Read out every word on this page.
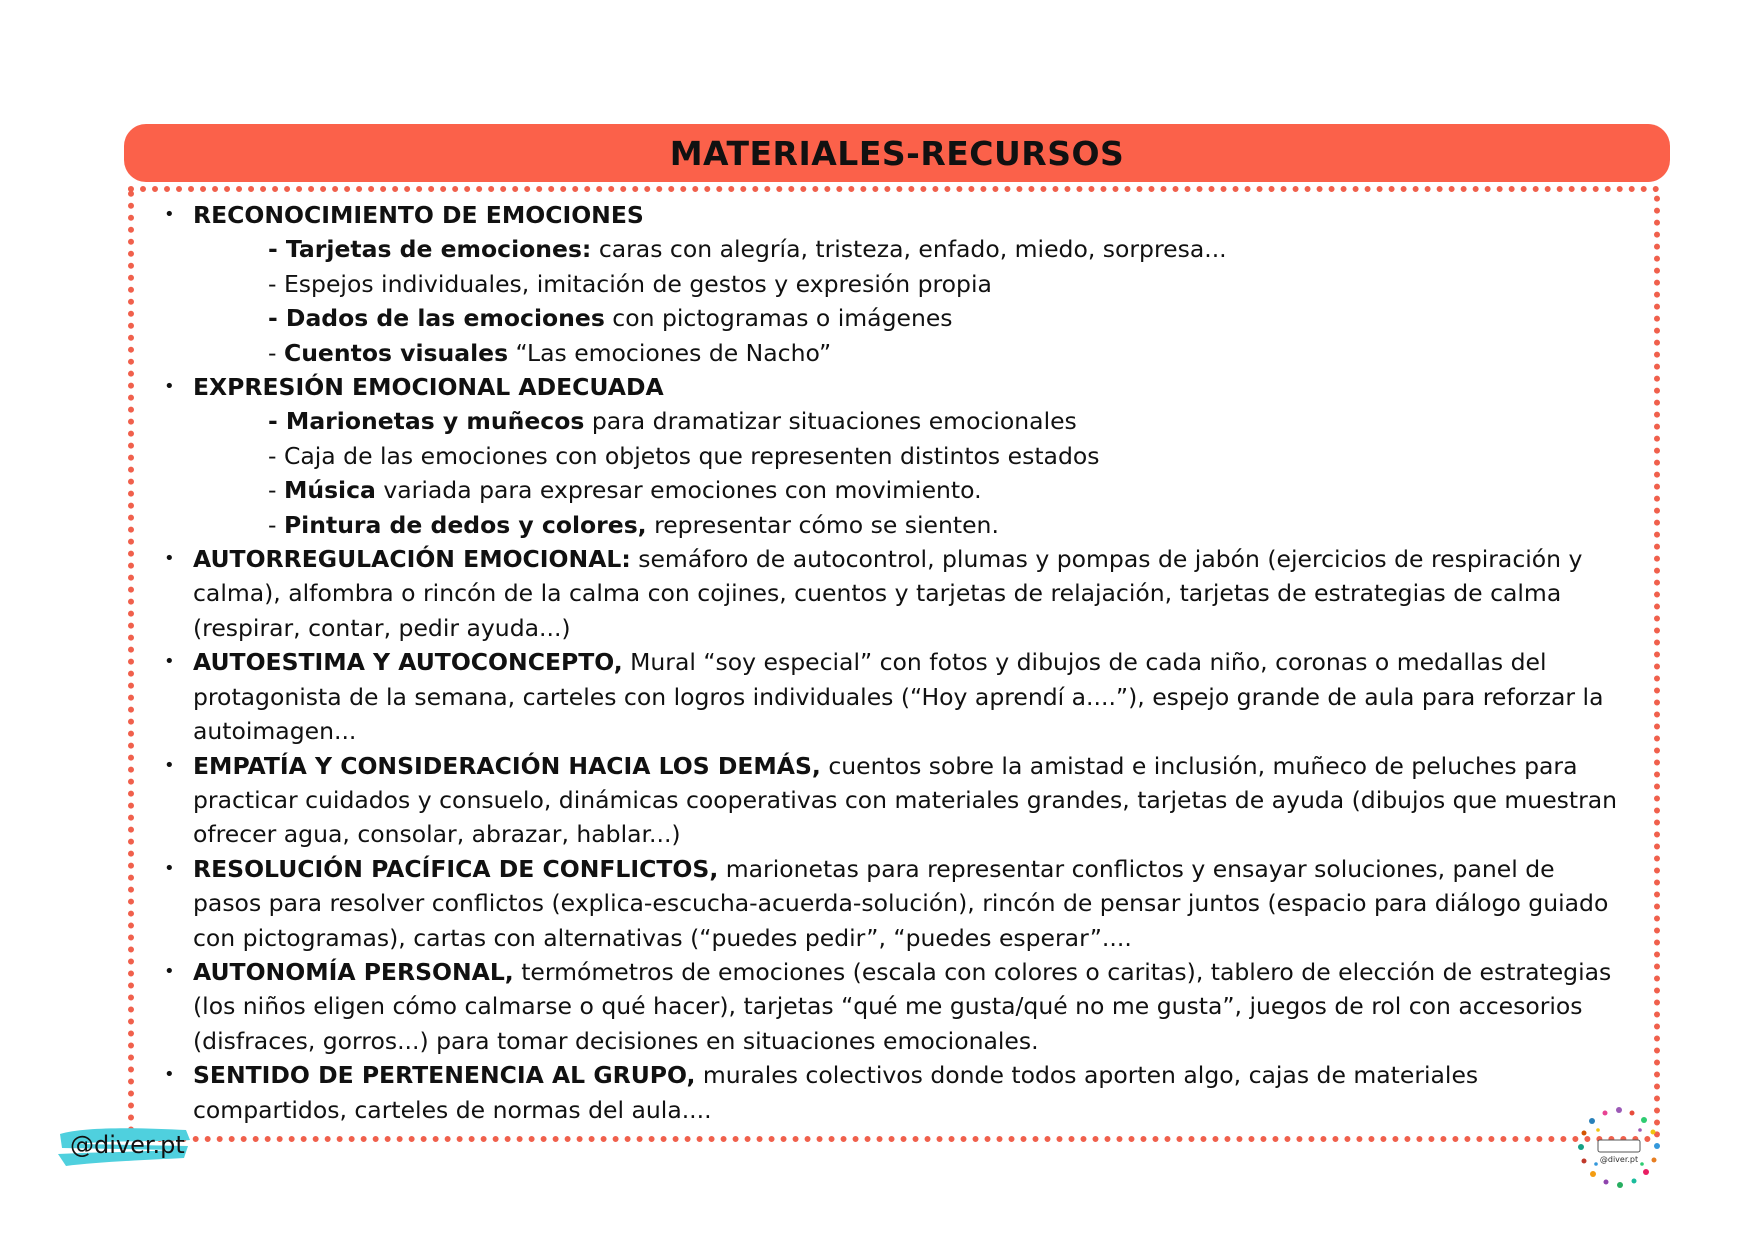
MATERIALES-RECURSOS
• RECONOCIMIENTO DE EMOCIONES
- Tarjetas de emociones: caras con alegría, tristeza, enfado, miedo, sorpresa...
- Espejos individuales, imitación de gestos y expresión propia
- Dados de las emociones con pictogramas o imágenes
- Cuentos visuales “Las emociones de Nacho”
• EXPRESIÓN EMOCIONAL ADECUADA
- Marionetas y muñecos para dramatizar situaciones emocionales
- Caja de las emociones con objetos que representen distintos estados
- Música variada para expresar emociones con movimiento.
- Pintura de dedos y colores, representar cómo se sienten.
• AUTORREGULACIÓN EMOCIONAL: semáforo de autocontrol, plumas y pompas de jabón (ejercicios de respiración y calma), alfombra o rincón de la calma con cojines, cuentos y tarjetas de relajación, tarjetas de estrategias de calma (respirar, contar, pedir ayuda...)
• AUTOESTIMA Y AUTOCONCEPTO, Mural “soy especial” con fotos y dibujos de cada niño, coronas o medallas del protagonista de la semana, carteles con logros individuales (“Hoy aprendí a....”), espejo grande de aula para reforzar la autoimagen...
• EMPATÍA Y CONSIDERACIÓN HACIA LOS DEMÁS, cuentos sobre la amistad e inclusión, muñeco de peluches para practicar cuidados y consuelo, dinámicas cooperativas con materiales grandes, tarjetas de ayuda (dibujos que muestran ofrecer agua, consolar, abrazar, hablar...)
• RESOLUCIÓN PACÍFICA DE CONFLICTOS, marionetas para representar conflictos y ensayar soluciones, panel de pasos para resolver conflictos (explica-escucha-acuerda-solución), rincón de pensar juntos (espacio para diálogo guiado con pictogramas), cartas con alternativas (“puedes pedir”, “puedes esperar”....
• AUTONOMÍA PERSONAL, termómetros de emociones (escala con colores o caritas), tablero de elección de estrategias (los niños eligen cómo calmarse o qué hacer), tarjetas “qué me gusta/qué no me gusta”, juegos de rol con accesorios (disfraces, gorros...) para tomar decisiones en situaciones emocionales.
• SENTIDO DE PERTENENCIA AL GRUPO, murales colectivos donde todos aporten algo, cajas de materiales compartidos, carteles de normas del aula....
@diver.pt
@diver.pt
